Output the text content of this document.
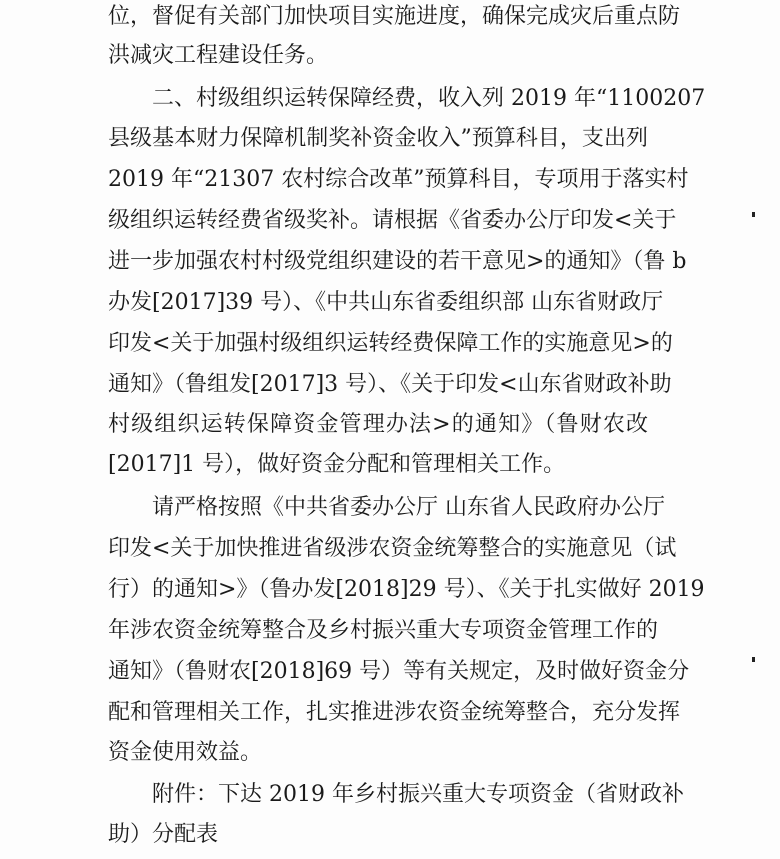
位，督促有关部门加快项目实施进度，确保完成灾后重点防
洪减灾工程建设任务。
二、村级组织运转保障经费，收入列 2019 年“1100207
县级基本财力保障机制奖补资金收入”预算科目，支出列
2019 年“21307 农村综合改革”预算科目，专项用于落实村
级组织运转经费省级奖补。请根据《省委办公厅印发<关于
进一步加强农村村级党组织建设的若干意见>的通知》（鲁 b
办发[2017]39 号）、《中共山东省委组织部 山东省财政厅
印发<关于加强村级组织运转经费保障工作的实施意见>的
通知》（鲁组发[2017]3 号）、《关于印发<山东省财政补助
村级组织运转保障资金管理办法>的通知》（鲁财农改
[2017]1 号），做好资金分配和管理相关工作。
请严格按照《中共省委办公厅 山东省人民政府办公厅
印发<关于加快推进省级涉农资金统筹整合的实施意见（试
行）的通知>》（鲁办发[2018]29 号）、《关于扎实做好 2019
年涉农资金统筹整合及乡村振兴重大专项资金管理工作的
通知》（鲁财农[2018]69 号）等有关规定，及时做好资金分
配和管理相关工作，扎实推进涉农资金统筹整合，充分发挥
资金使用效益。
附件：下达 2019 年乡村振兴重大专项资金（省财政补
助）分配表
